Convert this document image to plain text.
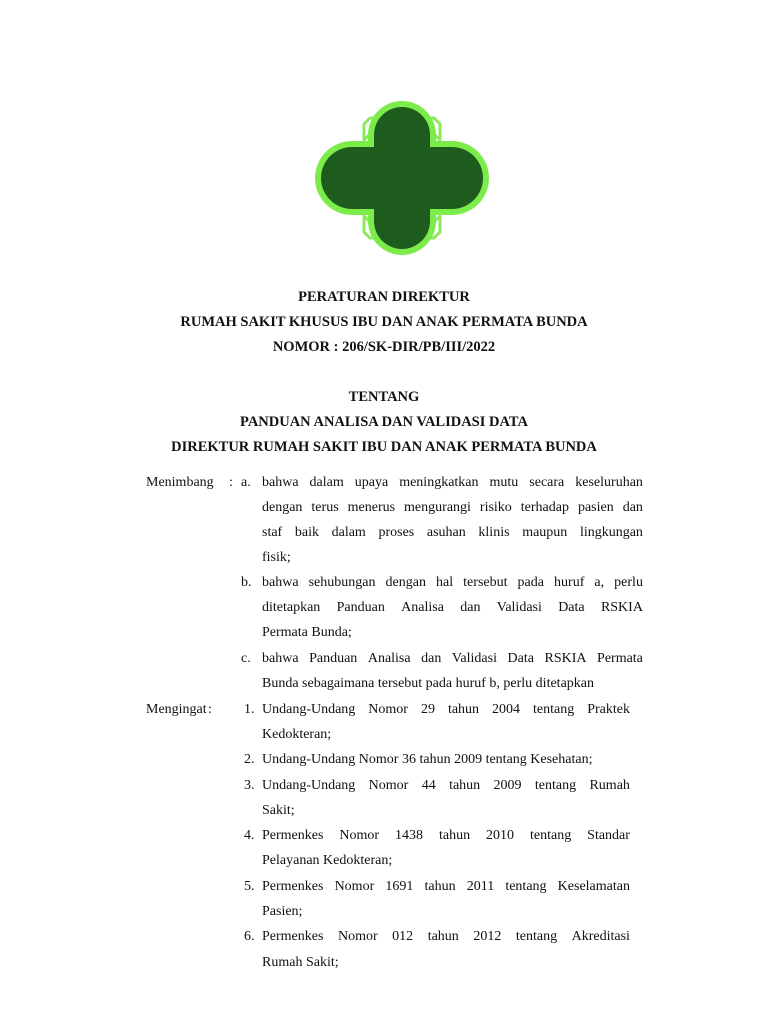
PERATURAN DIREKTUR
RUMAH SAKIT KHUSUS IBU DAN ANAK PERMATA BUNDA
NOMOR : 206/SK-DIR/PB/III/2022
TENTANG
PANDUAN ANALISA DAN VALIDASI DATA
DIREKTUR RUMAH SAKIT IBU DAN ANAK PERMATA BUNDA
Menimbang : a. bahwa dalam upaya meningkatkan mutu secara keseluruhan
dengan terus menerus mengurangi risiko terhadap pasien dan
staf baik dalam proses asuhan klinis maupun lingkungan
fisik;
b. bahwa sehubungan dengan hal tersebut pada huruf a, perlu
ditetapkan Panduan Analisa dan Validasi Data RSKIA
Permata Bunda;
c. bahwa Panduan Analisa dan Validasi Data RSKIA Permata
Bunda sebagaimana tersebut pada huruf b, perlu ditetapkan
Mengingat : 1. Undang-Undang Nomor 29 tahun 2004 tentang Praktek
Kedokteran;
2. Undang-Undang Nomor 36 tahun 2009 tentang Kesehatan;
3. Undang-Undang Nomor 44 tahun 2009 tentang Rumah
Sakit;
4. Permenkes Nomor 1438 tahun 2010 tentang Standar
Pelayanan Kedokteran;
5. Permenkes Nomor 1691 tahun 2011 tentang Keselamatan
Pasien;
6. Permenkes Nomor 012 tahun 2012 tentang Akreditasi
Rumah Sakit;
